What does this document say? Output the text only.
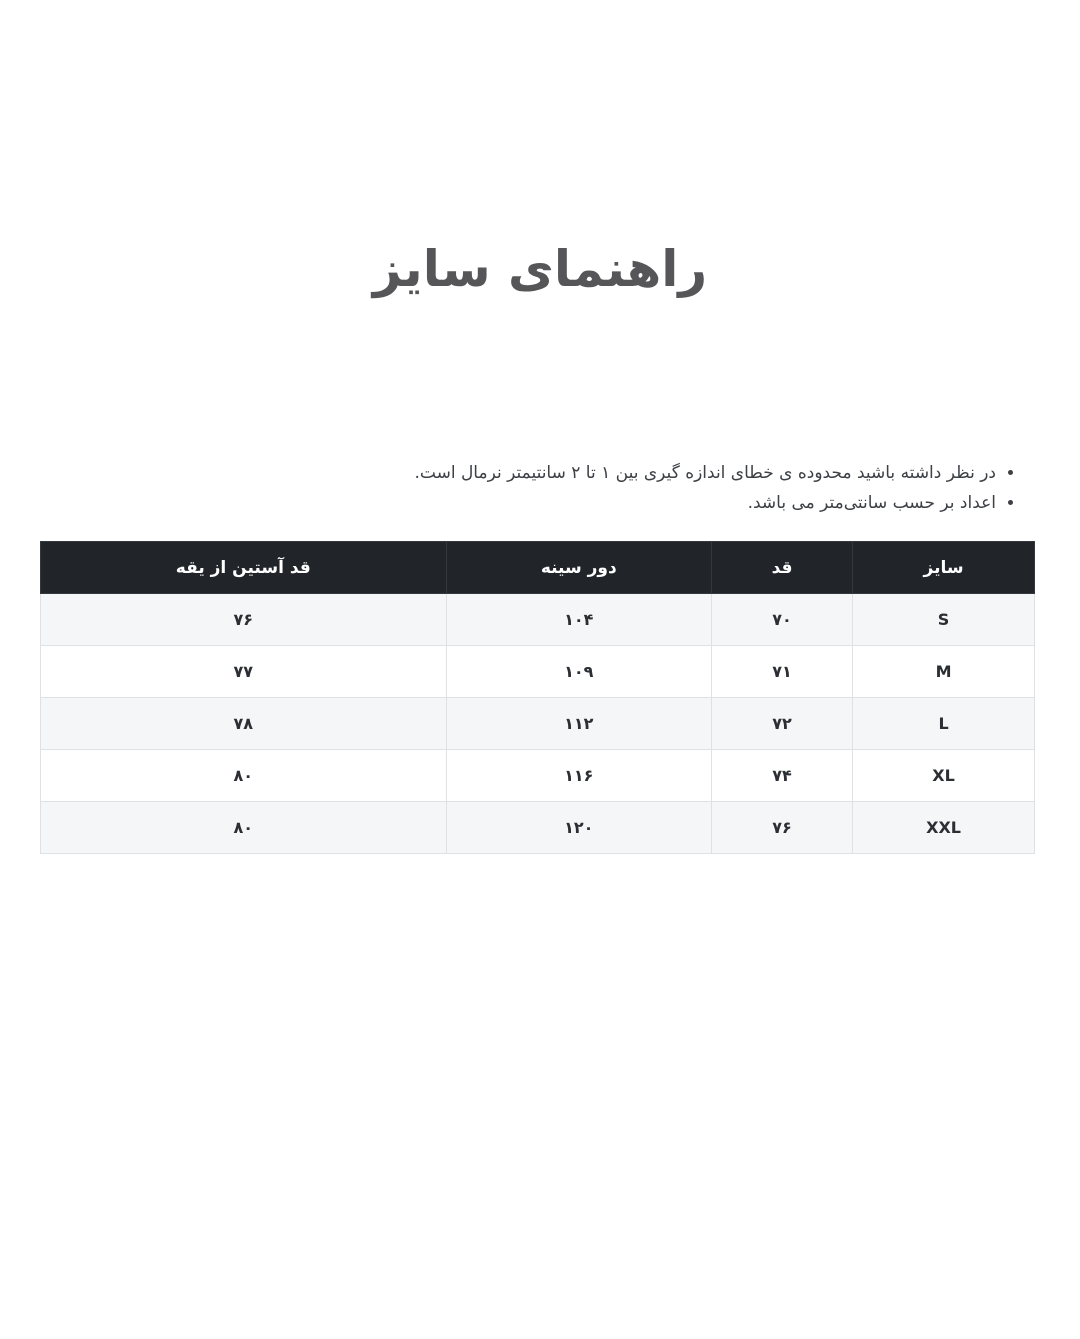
راهنمای سایز
• در نظر داشته باشید محدوده ی خطای اندازه گیری بین ۱ تا ۲ سانتیمتر نرمال است.
• اعداد بر حسب سانتی‌متر می باشد.
سایز	قد	دور سینه	قد آستین از یقه
S	۷۰	۱۰۴	۷۶
M	۷۱	۱۰۹	۷۷
L	۷۲	۱۱۲	۷۸
XL	۷۴	۱۱۶	۸۰
XXL	۷۶	۱۲۰	۸۰
